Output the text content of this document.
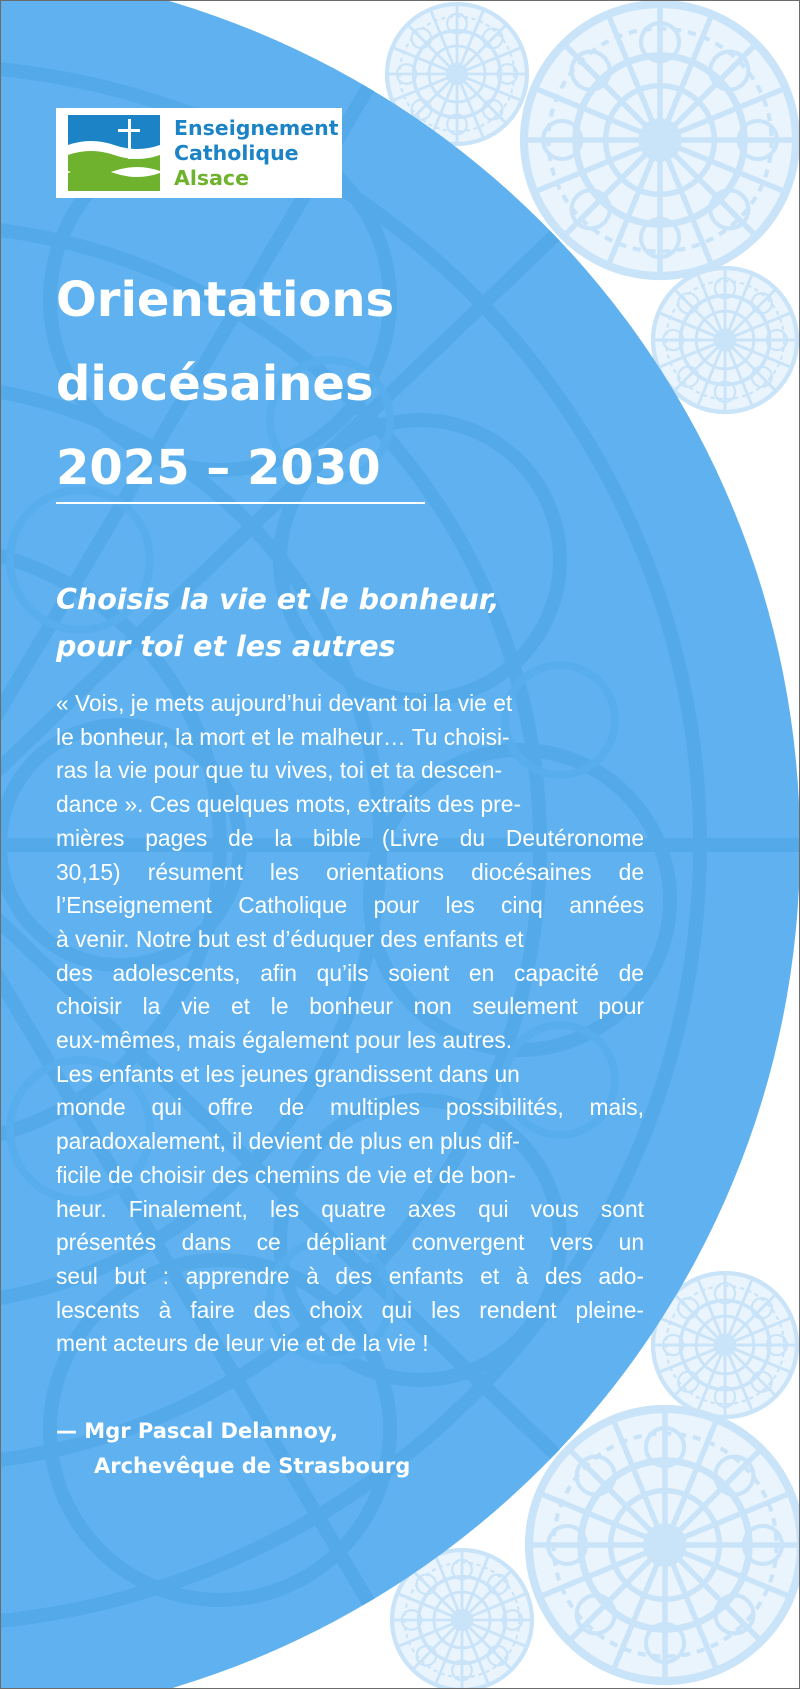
Enseignement
Catholique
Alsace
Orientations
diocésaines
2025 – 2030
Choisis la vie et le bonheur,
pour toi et les autres
« Vois, je mets aujourd’hui devant toi la vie et
le bonheur, la mort et le malheur… Tu choisi-
ras la vie pour que tu vives, toi et ta descen-
dance ». Ces quelques mots, extraits des pre-
mières pages de la bible (Livre du Deutéronome
30,15) résument les orientations diocésaines de
l’Enseignement Catholique pour les cinq années
à venir. Notre but est d’éduquer des enfants et
des adolescents, afin qu’ils soient en capacité de
choisir la vie et le bonheur non seulement pour
eux-mêmes, mais également pour les autres.
Les enfants et les jeunes grandissent dans un
monde qui offre de multiples possibilités, mais,
paradoxalement, il devient de plus en plus dif-
ficile de choisir des chemins de vie et de bon-
heur. Finalement, les quatre axes qui vous sont
présentés dans ce dépliant convergent vers un
seul but : apprendre à des enfants et à des ado-
lescents à faire des choix qui les rendent pleine-
ment acteurs de leur vie et de la vie !
— Mgr Pascal Delannoy,
Archevêque de Strasbourg
